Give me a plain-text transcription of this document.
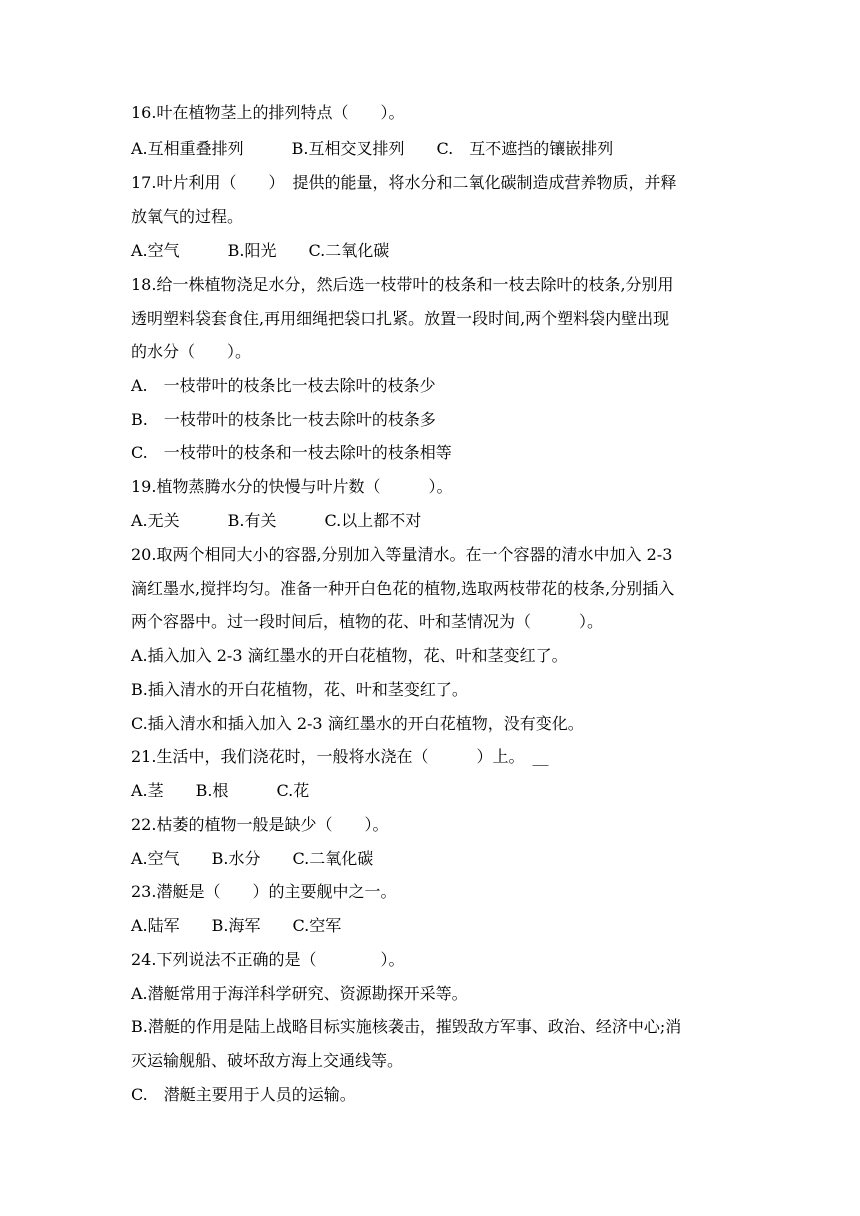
16.叶在植物茎上的排列特点（　　）。
A.互相重叠排列　　　B.互相交叉排列　　C.　互不遮挡的镶嵌排列
17.叶片利用（　　）　提供的能量，将水分和二氧化碳制造成营养物质，并释
放氧气的过程。
A.空气　　　B.阳光　　C.二氧化碳
18.给一株植物浇足水分，然后选一枝带叶的枝条和一枝去除叶的枝条,分别用
透明塑料袋套食住,再用细绳把袋口扎紧。放置一段时间,两个塑料袋内壁出现
的水分（　　）。
A.　一枝带叶的枝条比一枝去除叶的枝条少
B.　一枝带叶的枝条比一枝去除叶的枝条多
C.　一枝带叶的枝条和一枝去除叶的枝条相等
19.植物蒸腾水分的快慢与叶片数（　　　）。
A.无关　　　B.有关　　　C.以上都不对
20.取两个相同大小的容器,分别加入等量清水。在一个容器的清水中加入 2-3
滴红墨水,搅拌均匀。准备一种开白色花的植物,选取两枝带花的枝条,分别插入
两个容器中。过一段时间后，植物的花、叶和茎情况为（　　　）。
A.插入加入 2-3 滴红墨水的开白花植物，花、叶和茎变红了。
B.插入清水的开白花植物，花、叶和茎变红了。
C.插入清水和插入加入 2-3 滴红墨水的开白花植物，没有变化。
21.生活中，我们浇花时，一般将水浇在（　　　）上。　__
A.茎　　B.根　　　C.花
22.枯萎的植物一般是缺少（　　）。
A.空气　　B.水分　　C.二氧化碳
23.潜艇是（　　）的主要舰中之一。
A.陆军　　B.海军　　C.空军
24.下列说法不正确的是（　　　　）。
A.潜艇常用于海洋科学研究、资源勘探开采等。
B.潜艇的作用是陆上战略目标实施核袭击，摧毁敌方军事、政治、经济中心;消
灭运输舰船、破坏敌方海上交通线等。
C.　潜艇主要用于人员的运输。
